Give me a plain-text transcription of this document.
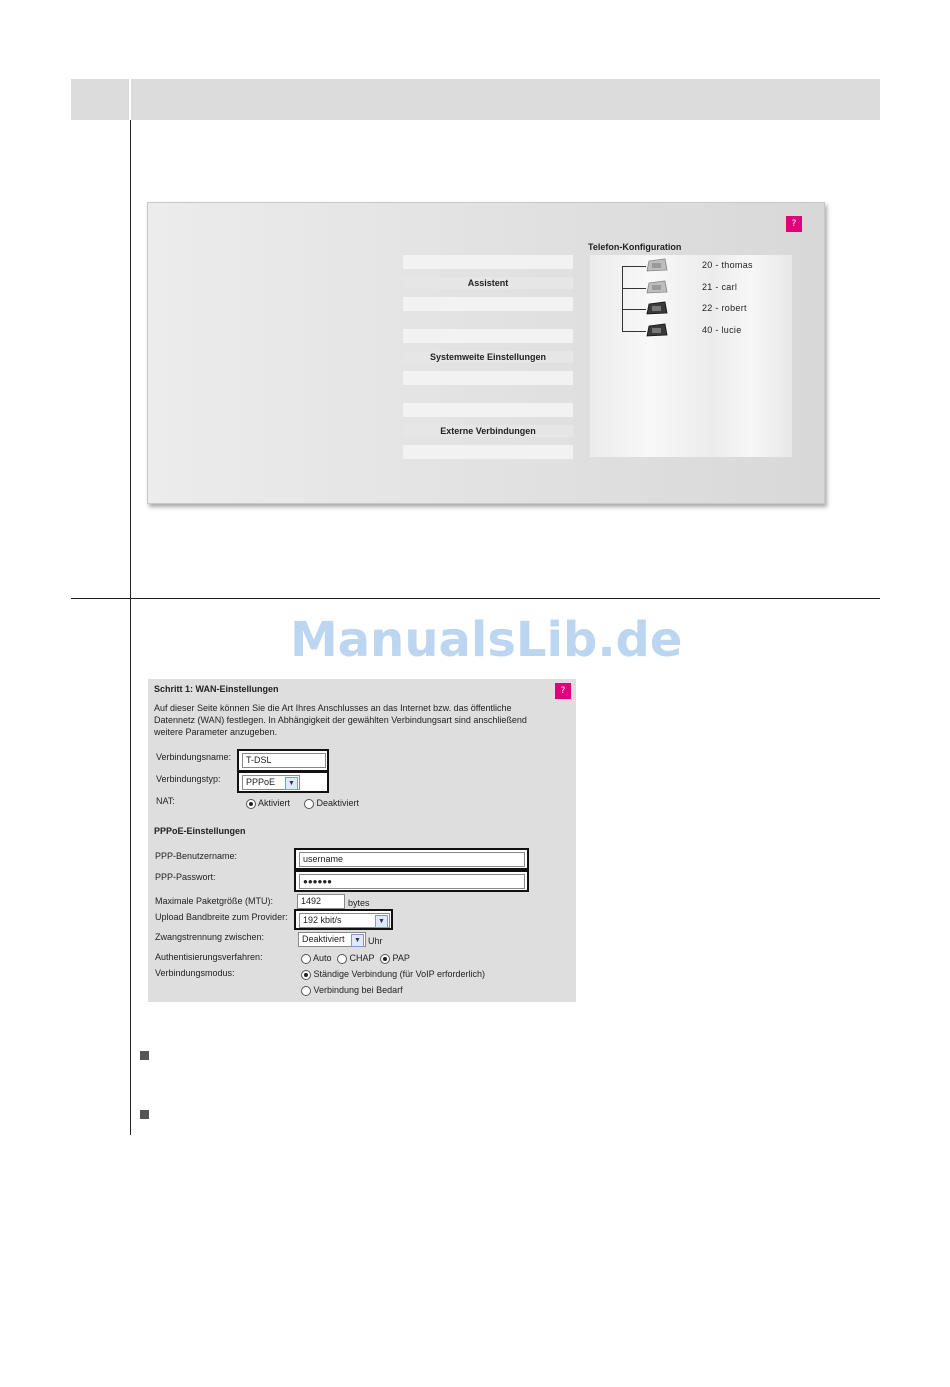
?
Assistent
Systemweite Einstellungen
Externe Verbindungen
Telefon-Konfiguration
20 - thomas
21 - carl
22 - robert
40 - lucie
ManualsLib.de
Schritt 1: WAN-Einstellungen	?
Auf dieser Seite können Sie die Art Ihres Anschlusses an das Internet bzw. das öffentliche
Datennetz (WAN) festlegen. In Abhängigkeit der gewählten Verbindungsart sind anschließend
weitere Parameter anzugeben.
Verbindungsname:	T-DSL
Verbindungstyp:	PPPoE	▼
NAT:	Aktiviert	Deaktiviert
PPPoE-Einstellungen
PPP-Benutzername:	username
PPP-Passwort:	●●●●●●
Maximale Paketgröße (MTU):	1492	bytes
Upload Bandbreite zum Provider:	192 kbit/s	▼
Zwangstrennung zwischen:	Deaktiviert	▼ Uhr
Authentisierungsverfahren:	Auto	CHAP	PAP
Verbindungsmodus:	Ständige Verbindung (für VoIP erforderlich)
Verbindung bei Bedarf
